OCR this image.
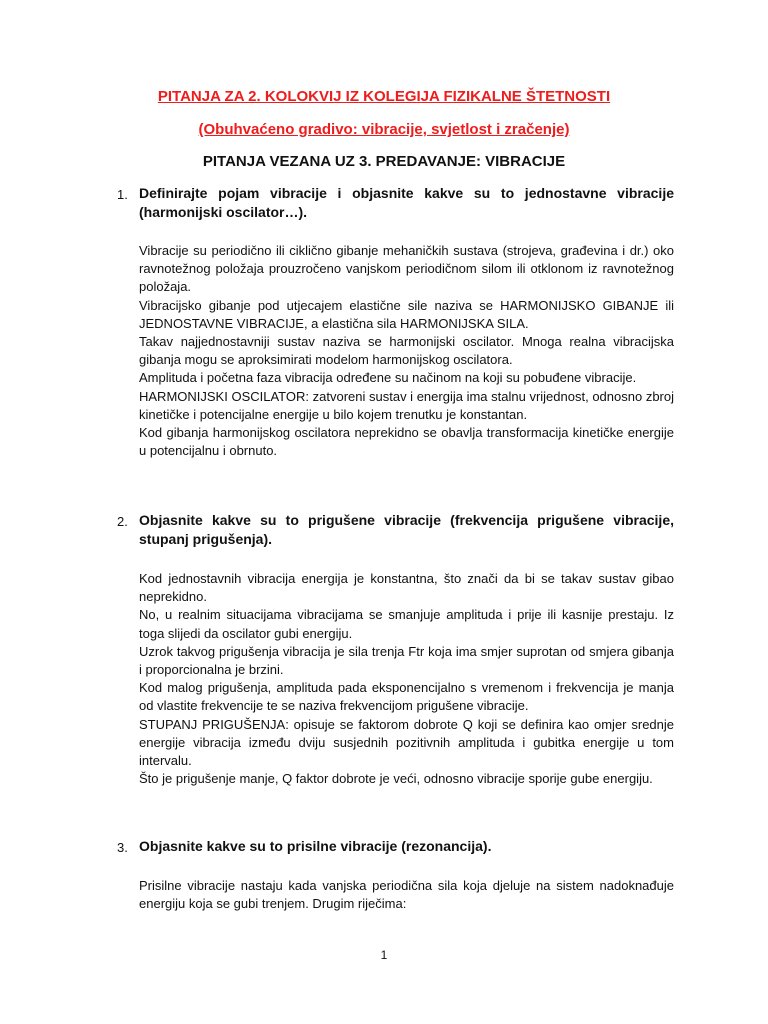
PITANJA ZA 2. KOLOKVIJ IZ KOLEGIJA FIZIKALNE ŠTETNOSTI
(Obuhvaćeno gradivo: vibracije, svjetlost i zračenje)
PITANJA VEZANA UZ 3. PREDAVANJE: VIBRACIJE
1. Definirajte pojam vibracije i objasnite kakve su to jednostavne vibracije (harmonijski oscilator…).

Vibracije su periodično ili ciklično gibanje mehaničkih sustava (strojeva, građevina i dr.) oko ravnotežnog položaja prouzročeno vanjskom periodičnom silom ili otklonom iz ravnotežnog položaja.

Vibracijsko gibanje pod utjecajem elastične sile naziva se HARMONIJSKO GIBANJE ili JEDNOSTAVNE VIBRACIJE, a elastična sila HARMONIJSKA SILA.

Takav najjednostavniji sustav naziva se harmonijski oscilator. Mnoga realna vibracijska gibanja mogu se aproksimirati modelom harmonijskog oscilatora.

Amplituda i početna faza vibracija određene su načinom na koji su pobuđene vibracije.

HARMONIJSKI OSCILATOR: zatvoreni sustav i energija ima stalnu vrijednost, odnosno zbroj kinetičke i potencijalne energije u bilo kojem trenutku je konstantan.

Kod gibanja harmonijskog oscilatora neprekidno se obavlja transformacija kinetičke energije u potencijalnu i obrnuto.

2. Objasnite kakve su to prigušene vibracije (frekvencija prigušene vibracije, stupanj prigušenja).

Kod jednostavnih vibracija energija je konstantna, što znači da bi se takav sustav gibao neprekidno.

No, u realnim situacijama vibracijama se smanjuje amplituda i prije ili kasnije prestaju. Iz toga slijedi da oscilator gubi energiju.

Uzrok takvog prigušenja vibracija je sila trenja Ftr koja ima smjer suprotan od smjera gibanja i proporcionalna je brzini.

Kod malog prigušenja, amplituda pada eksponencijalno s vremenom i frekvencija je manja od vlastite frekvencije te se naziva frekvencijom prigušene vibracije.

STUPANJ PRIGUŠENJA: opisuje se faktorom dobrote Q koji se definira kao omjer srednje energije vibracija između dviju susjednih pozitivnih amplituda i gubitka energije u tom intervalu.

Što je prigušenje manje, Q faktor dobrote je veći, odnosno vibracije sporije gube energiju.

3. Objasnite kakve su to prisilne vibracije (rezonancija).

Prisilne vibracije nastaju kada vanjska periodična sila koja djeluje na sistem nadoknađuje energiju koja se gubi trenjem. Drugim riječima:

1
